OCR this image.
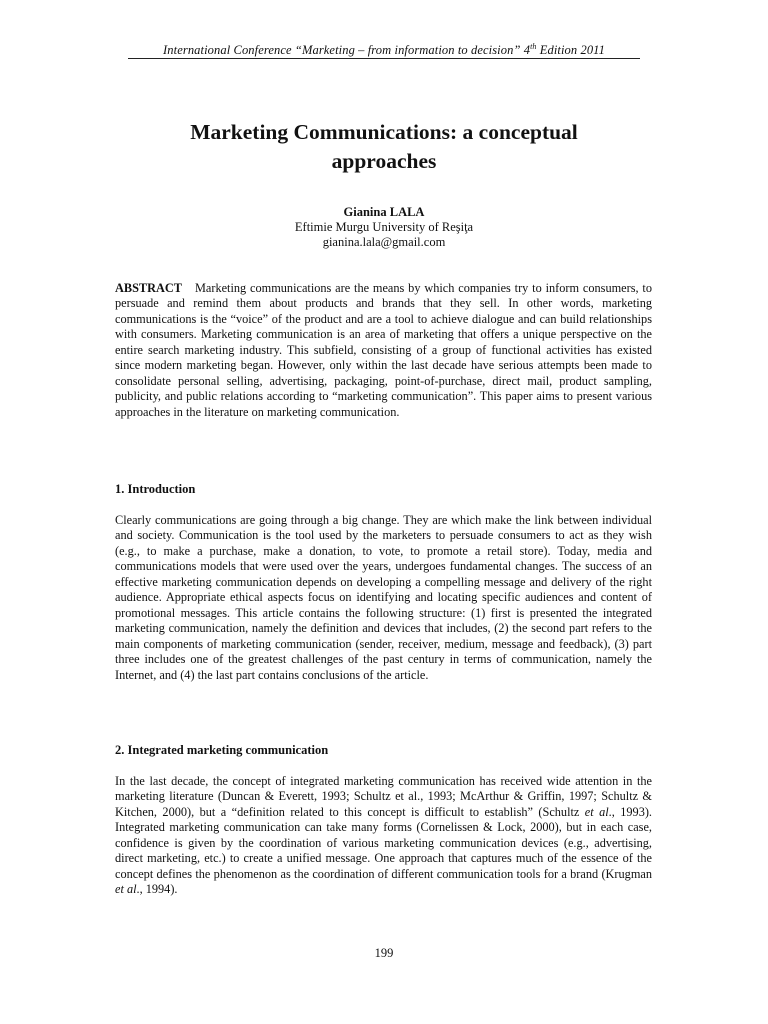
International Conference “Marketing – from information to decision” 4th Edition 2011
Marketing Communications: a conceptual
approaches
Gianina LALA
Eftimie Murgu University of Reşiţa
gianina.lala@gmail.com
ABSTRACT Marketing communications are the means by which companies try to inform consumers, to persuade and remind them about products and brands that they sell. In other words, marketing communications is the “voice” of the product and are a tool to achieve dialogue and can build relationships with consumers. Marketing communication is an area of marketing that offers a unique perspective on the entire search marketing industry. This subfield, consisting of a group of functional activities has existed since modern marketing began. However, only within the last decade have serious attempts been made to consolidate personal selling, advertising, packaging, point-of-purchase, direct mail, product sampling, publicity, and public relations according to “marketing communication”. This paper aims to present various approaches in the literature on marketing communication.
1. Introduction
Clearly communications are going through a big change. They are which make the link between individual and society. Communication is the tool used by the marketers to persuade consumers to act as they wish (e.g., to make a purchase, make a donation, to vote, to promote a retail store). Today, media and communications models that were used over the years, undergoes fundamental changes. The success of an effective marketing communication depends on developing a compelling message and delivery of the right audience. Appropriate ethical aspects focus on identifying and locating specific audiences and content of promotional messages. This article contains the following structure: (1) first is presented the integrated marketing communication, namely the definition and devices that includes, (2) the second part refers to the main components of marketing communication (sender, receiver, medium, message and feedback), (3) part three includes one of the greatest challenges of the past century in terms of communication, namely the Internet, and (4) the last part contains conclusions of the article.
2. Integrated marketing communication
In the last decade, the concept of integrated marketing communication has received wide attention in the marketing literature (Duncan & Everett, 1993; Schultz et al., 1993; McArthur & Griffin, 1997; Schultz & Kitchen, 2000), but a “definition related to this concept is difficult to establish” (Schultz et al., 1993). Integrated marketing communication can take many forms (Cornelissen & Lock, 2000), but in each case, confidence is given by the coordination of various marketing communication devices (e.g., advertising, direct marketing, etc.) to create a unified message. One approach that captures much of the essence of the concept defines the phenomenon as the coordination of different communication tools for a brand (Krugman et al., 1994).
199
